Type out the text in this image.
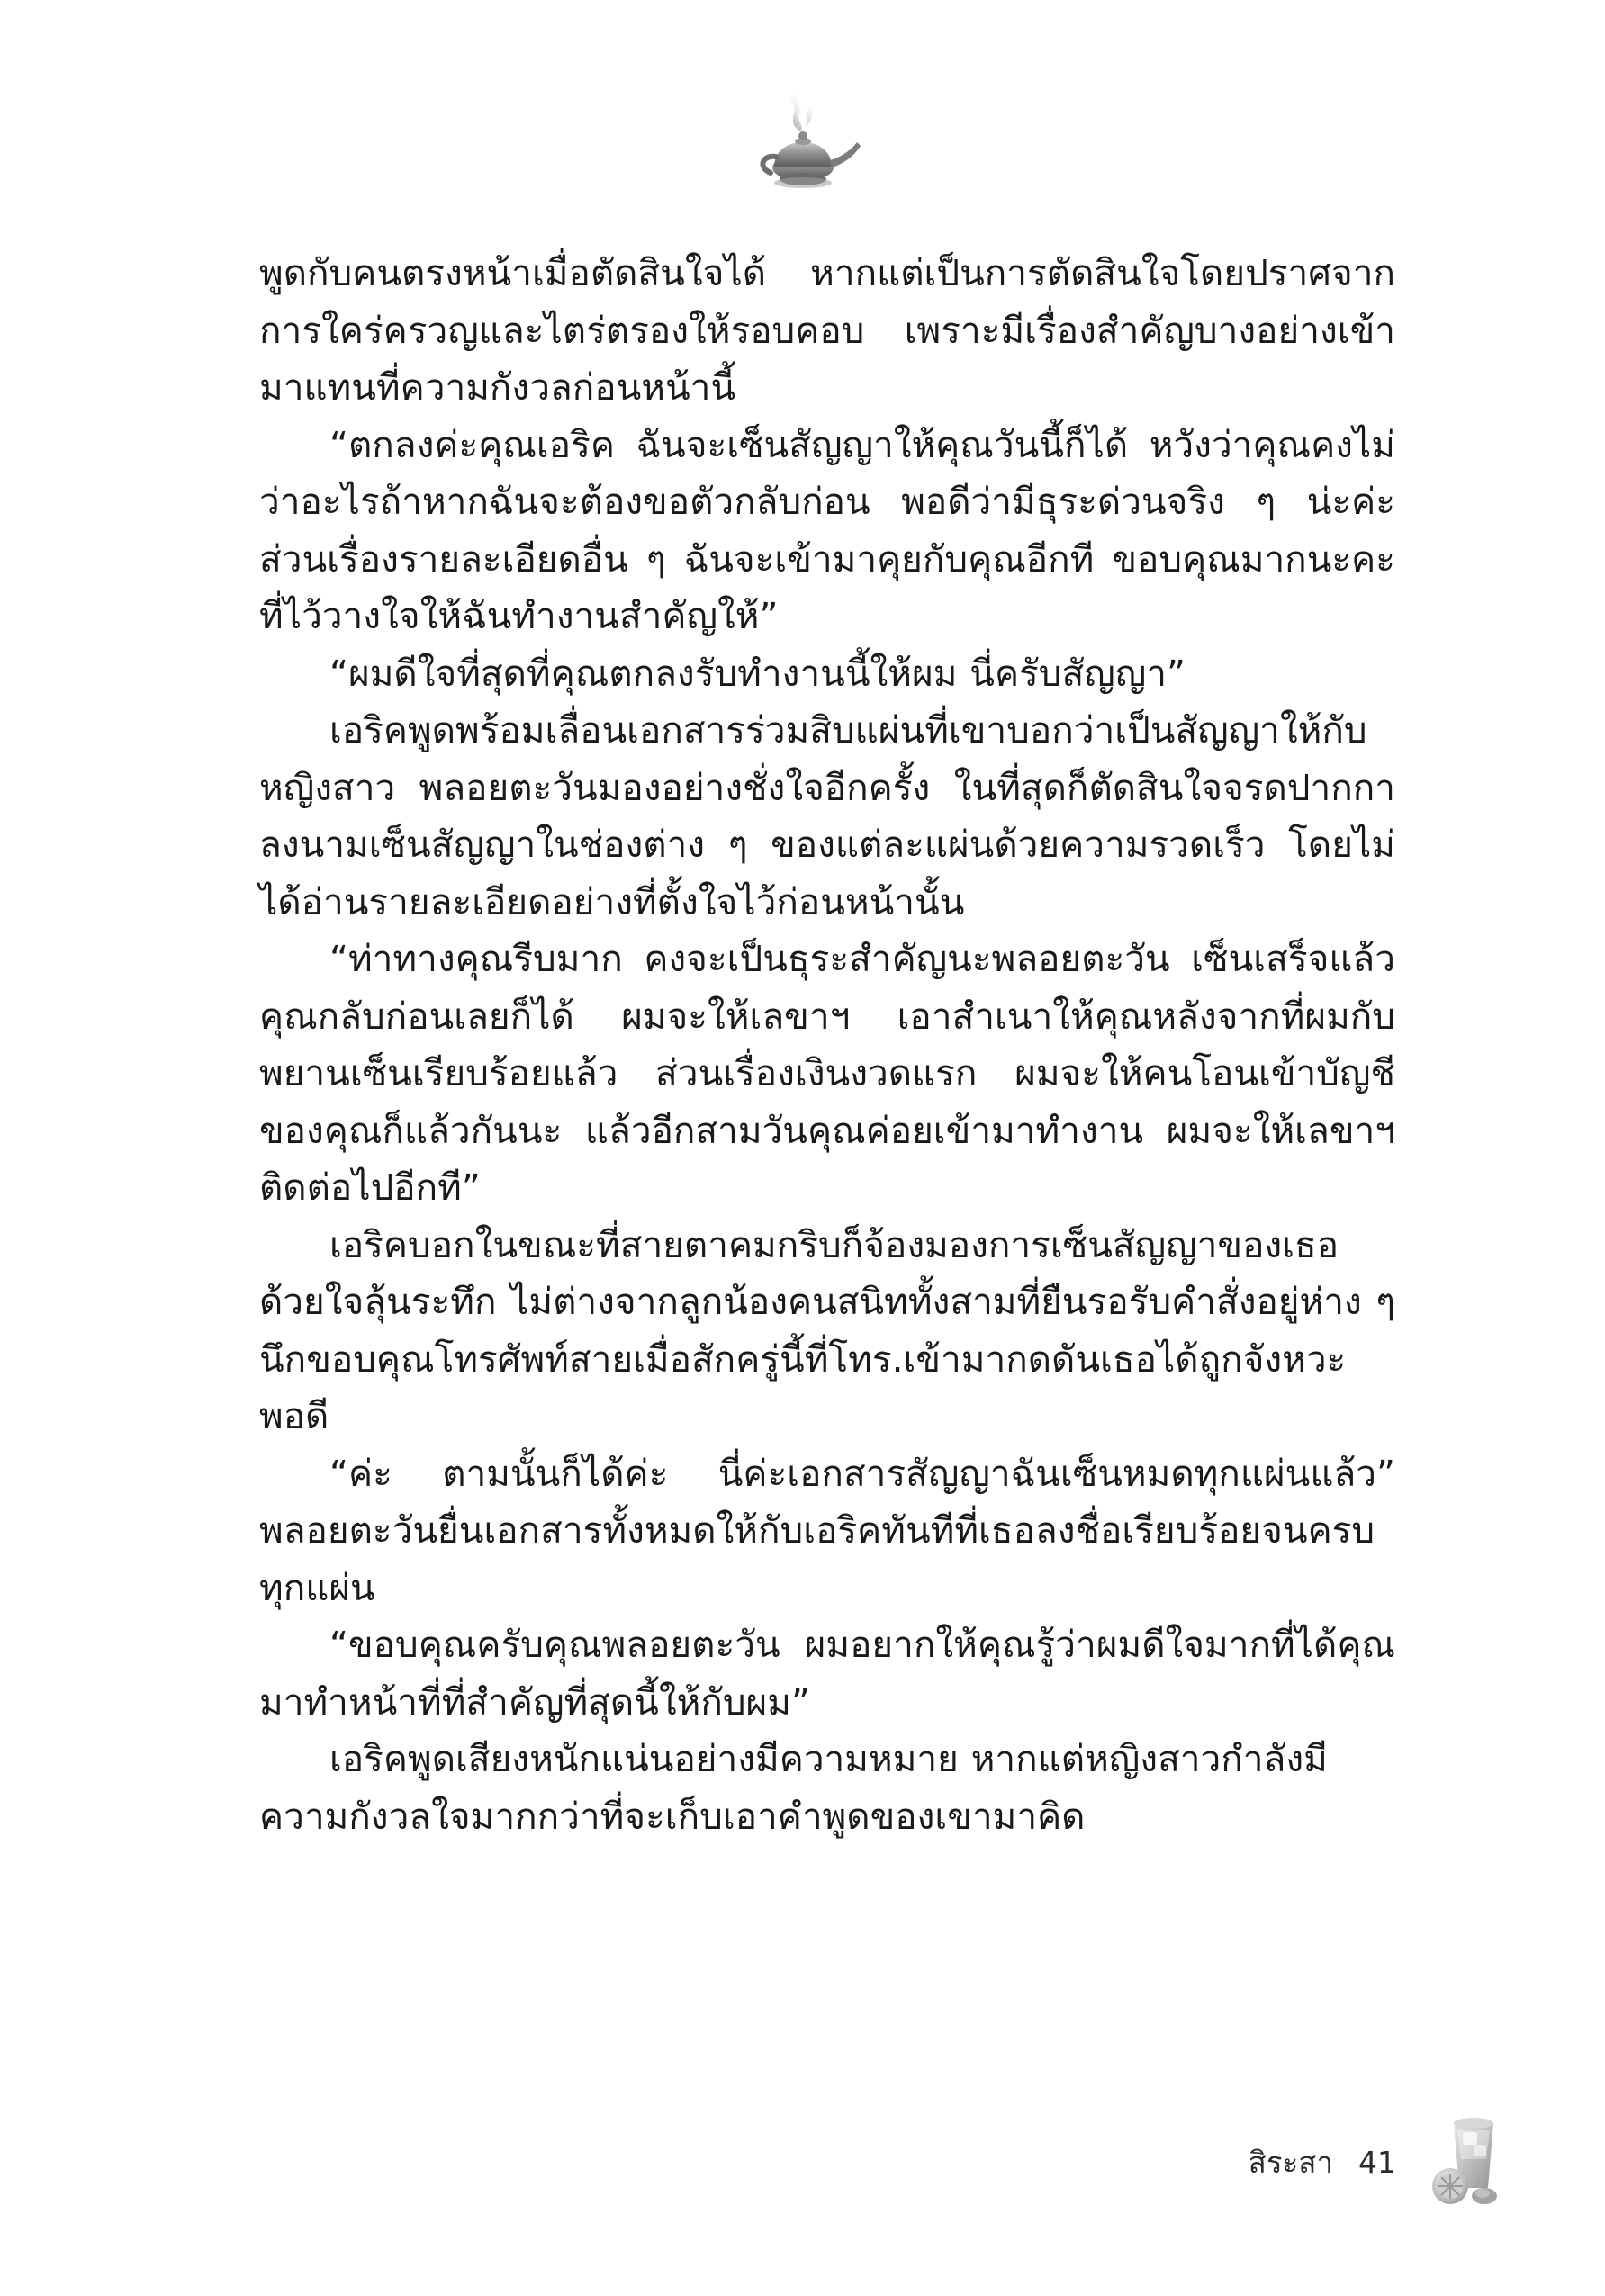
พูดกับคนตรงหน้าเมื่อตัดสินใจได้ หากแต่เป็นการตัดสินใจโดยปราศจากการใคร่ครวญและไตร่ตรองให้รอบคอบ เพราะมีเรื่องสำคัญบางอย่างเข้ามาแทนที่ความกังวลก่อนหน้านี้

“ตกลงค่ะคุณเอริค ฉันจะเซ็นสัญญาให้คุณวันนี้ก็ได้ หวังว่าคุณคงไม่ว่าอะไรถ้าหากฉันจะต้องขอตัวกลับก่อน พอดีว่ามีธุระด่วนจริง ๆ น่ะค่ะ ส่วนเรื่องรายละเอียดอื่น ๆ ฉันจะเข้ามาคุยกับคุณอีกที ขอบคุณมากนะคะที่ไว้วางใจให้ฉันทำงานสำคัญให้”

“ผมดีใจที่สุดที่คุณตกลงรับทำงานนี้ให้ผม นี่ครับสัญญา”

เอริคพูดพร้อมเลื่อนเอกสารร่วมสิบแผ่นที่เขาบอกว่าเป็นสัญญาให้กับหญิงสาว พลอยตะวันมองอย่างชั่งใจอีกครั้ง ในที่สุดก็ตัดสินใจจรดปากกาลงนามเซ็นสัญญาในช่องต่าง ๆ ของแต่ละแผ่นด้วยความรวดเร็ว โดยไม่ได้อ่านรายละเอียดอย่างที่ตั้งใจไว้ก่อนหน้านั้น

“ท่าทางคุณรีบมาก คงจะเป็นธุระสำคัญนะพลอยตะวัน เซ็นเสร็จแล้วคุณกลับก่อนเลยก็ได้ ผมจะให้เลขาฯ เอาสำเนาให้คุณหลังจากที่ผมกับพยานเซ็นเรียบร้อยแล้ว ส่วนเรื่องเงินงวดแรก ผมจะให้คนโอนเข้าบัญชีของคุณก็แล้วกันนะ แล้วอีกสามวันคุณค่อยเข้ามาทำงาน ผมจะให้เลขาฯ ติดต่อไปอีกที”

เอริคบอกในขณะที่สายตาคมกริบก็จ้องมองการเซ็นสัญญาของเธอด้วยใจลุ้นระทึก ไม่ต่างจากลูกน้องคนสนิททั้งสามที่ยืนรอรับคำสั่งอยู่ห่าง ๆ นึกขอบคุณโทรศัพท์สายเมื่อสักครู่นี้ที่โทร.เข้ามากดดันเธอได้ถูกจังหวะพอดี

“ค่ะ ตามนั้นก็ได้ค่ะ นี่ค่ะเอกสารสัญญาฉันเซ็นหมดทุกแผ่นแล้ว” พลอยตะวันยื่นเอกสารทั้งหมดให้กับเอริคทันทีที่เธอลงชื่อเรียบร้อยจนครบทุกแผ่น

“ขอบคุณครับคุณพลอยตะวัน ผมอยากให้คุณรู้ว่าผมดีใจมากที่ได้คุณมาทำหน้าที่ที่สำคัญที่สุดนี้ให้กับผม”

เอริคพูดเสียงหนักแน่นอย่างมีความหมาย หากแต่หญิงสาวกำลังมีความกังวลใจมากกว่าที่จะเก็บเอาคำพูดของเขามาคิด

สิระสา 41
